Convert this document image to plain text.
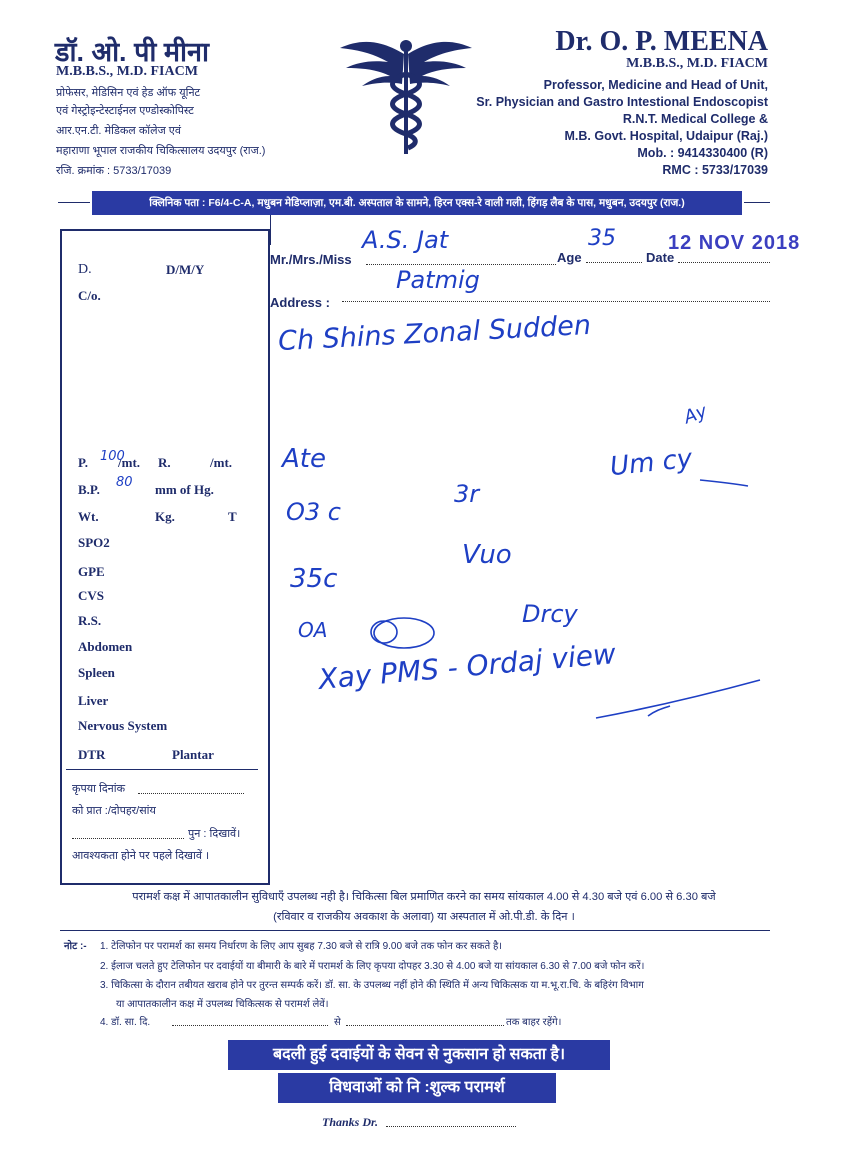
डॉ. ओ. पी मीना
M.B.B.S., M.D. FIACM
प्रोफेसर, मेडिसिन एवं हेड ऑफ यूनिट
एवं गेस्ट्रोइन्टेस्टाईनल एण्डोस्कोपिस्ट
आर.एन.टी. मेडिकल कॉलेज एवं
महाराणा भूपाल राजकीय चिकित्सालय उदयपुर (राज.)
रजि. क्रमांक : 5733/17039
Dr. O. P. MEENA
M.B.B.S., M.D. FIACM
Professor, Medicine and Head of Unit,
Sr. Physician and Gastro Intestional Endoscopist
R.N.T. Medical College &
M.B. Govt. Hospital, Udaipur (Raj.)
Mob. : 9414330400 (R)
RMC : 5733/17039
क्लिनिक पता : F6/4-C-A, मधुबन मेडिप्लाज़ा, एम.बी. अस्पताल के सामने, हिरन एक्स-रे वाली गली, हिंगड़ लैब के पास, मधुबन, उदयपुर (राज.)
D.	D/M/Y
C/o.
P. /mt. R.	/mt.
B.P.	mm of Hg.
Wt.	Kg.	T
SPO2
GPE
CVS
R.S.
Abdomen
Spleen
Liver
Nervous System
DTR	Plantar
कृपया दिनांक
को प्रात :/दोपहर/सांय
पुन : दिखावें।
आवश्यकता होने पर पहले दिखावें ।
Mr./Mrs./Miss	Age	Date
12 NOV 2018
Address :
A.S. Jat	35
Patmig
Ch Shins Zonal Sudden
100
80
Ate
O3 c
3r
Um cy
Vuo
35c
Drcy
OA
Xay PMS - Ordaj view
Ay
परामर्श कक्ष में आपातकालीन सुविधाएँ उपलब्ध नही है। चिकित्सा बिल प्रमाणित करने का समय सांयकाल 4.00 से 4.30 बजे एवं 6.00 से 6.30 बजे
(रविवार व राजकीय अवकाश के अलावा) या अस्पताल में ओ.पी.डी. के दिन ।
नोट :- 1. टेलिफोन पर परामर्श का समय निर्धारण के लिए आप सुबह 7.30 बजे से रात्रि 9.00 बजे तक फोन कर सकते है।
2. ईलाज चलते हुए टेलिफोन पर दवाईयों या बीमारी के बारे में परामर्श के लिए कृपया दोपहर 3.30 से 4.00 बजे या सांयकाल 6.30 से 7.00 बजे फोन करें।
3. चिकित्सा के दौरान तबीयत खराब होने पर तुरन्त सम्पर्क करें। डॉ. सा. के उपलब्ध नहीं होने की स्थिति में अन्य चिकित्सक या म.भू.रा.चि. के बहिरंग विभाग
या आपातकालीन कक्ष में उपलब्ध चिकित्सक से परामर्श लेवें।
4. डॉ. सा. दि.	से	तक बाहर रहेंगे।
बदली हुई दवाईयों के सेवन से नुकसान हो सकता है।
विधवाओं को नि :शुल्क परामर्श
Thanks Dr.
